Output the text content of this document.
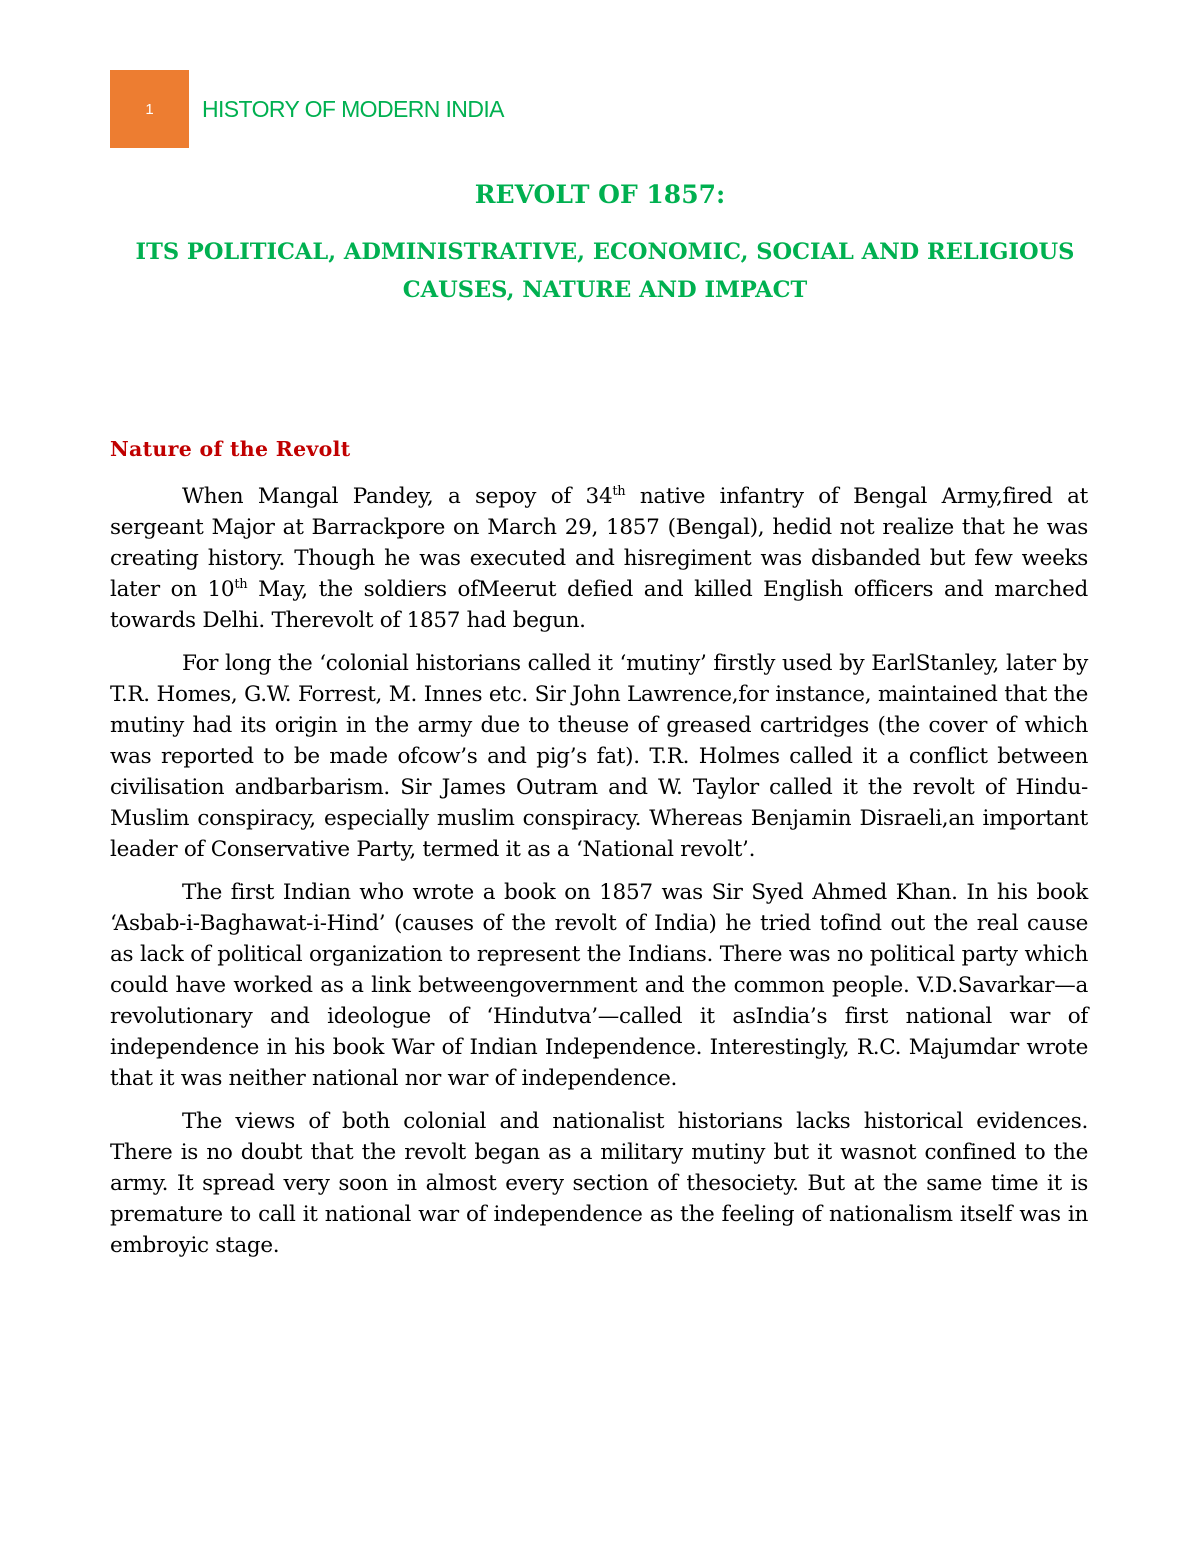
1 HISTORY OF MODERN INDIA
REVOLT OF 1857:
ITS POLITICAL, ADMINISTRATIVE, ECONOMIC, SOCIAL AND RELIGIOUS CAUSES, NATURE AND IMPACT
Nature of the Revolt

When Mangal Pandey, a sepoy of 34th native infantry of Bengal Army,fired at sergeant Major at Barrackpore on March 29, 1857 (Bengal), hedid not realize that he was creating history. Though he was executed and hisregiment was disbanded but few weeks later on 10th May, the soldiers ofMeerut defied and killed English officers and marched towards Delhi. Therevolt of 1857 had begun.

For long the ‘colonial historians called it ‘mutiny’ firstly used by EarlStanley, later by T.R. Homes, G.W. Forrest, M. Innes etc. Sir John Lawrence,for instance, maintained that the mutiny had its origin in the army due to theuse of greased cartridges (the cover of which was reported to be made ofcow’s and pig’s fat). T.R. Holmes called it a conflict between civilisation andbarbarism. Sir James Outram and W. Taylor called it the revolt of Hindu-Muslim conspiracy, especially muslim conspiracy. Whereas Benjamin Disraeli,an important leader of Conservative Party, termed it as a ‘National revolt’.

The first Indian who wrote a book on 1857 was Sir Syed Ahmed Khan. In his book ‘Asbab-i-Baghawat-i-Hind’ (causes of the revolt of India) he tried tofind out the real cause as lack of political organization to represent the Indians. There was no political party which could have worked as a link betweengovernment and the common people. V.D.Savarkar—a revolutionary and ideologue of ‘Hindutva’—called it asIndia’s first national war of independence in his book War of Indian Independence. Interestingly, R.C. Majumdar wrote that it was neither national nor war of independence.

The views of both colonial and nationalist historians lacks historical evidences. There is no doubt that the revolt began as a military mutiny but it wasnot confined to the army. It spread very soon in almost every section of thesociety. But at the same time it is premature to call it national war of independence as the feeling of nationalism itself was in embroyic stage.
